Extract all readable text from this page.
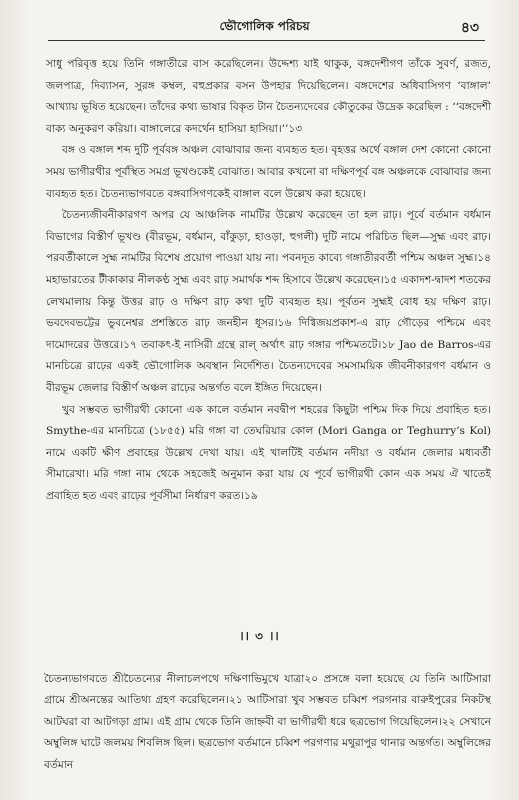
ভৌগোলিক পরিচয়	৪৩

সাধু পরিবৃত্ত হয়ে তিনি গঙ্গাতীরে বাস করেছিলেন। উদ্দেশ্য যাই থাকুক, বঙ্গদেশীগণ তাঁকে সুবর্ণ, রজত, জলপাত্র, দিব্যাসন, সুরঙ্গ কম্বল, বহুপ্রকার বসন উপহার দিয়েছিলেন। বঙ্গদেশের অধিবাসিগণ ‘বাঙ্গাল’ আখ্যায় ভূষিত হয়েছেন। তাঁদের কথ্য ভাষার বিকৃত টান চৈতন্যদেবের কৌতুকের উদ্রেক করেছিল : ‘‘বঙ্গদেশী বাক্য অনুকরণ করিয়া। বাঙ্গালেরে কদর্থেন হাসিয়া হাসিয়া।’’১৩

বঙ্গ ও বঙ্গাল শব্দ দুটি পূর্ববঙ্গ অঞ্চল বোঝাবার জন্য ব্যবহৃত হত। বৃহত্তর অর্থে বঙ্গাল দেশ কোনো কোনো সময় ভাগীরথীর পূর্বস্থিত সমগ্র ভূখণ্ডকেই বোঝাত। আবার কখনো বা দক্ষিণপূর্ব বঙ্গ অঞ্চলকে বোঝাবার জন্য ব্যবহৃত হত। চৈতন্যভাগবতে বঙ্গবাসিগণকেই বাঙ্গাল বলে উল্লেখ করা হয়েছে।

চৈতন্যজীবনীকারগণ অপর যে আঞ্চলিক নামটির উল্লেখ করেছেন তা হল রাঢ়। পূর্বে বর্তমান বর্ধমান বিভাগের বিস্তীর্ণ ভূখণ্ড (বীরভূম, বর্ধমান, বাঁকুড়া, হাওড়া, হুগলী) দুটি নামে পরিচিত ছিল—সুহ্ম এবং রাঢ়। পরবর্তীকালে সুহ্ম নামটির বিশেষ প্রয়োগ পাওয়া যায় না। পবনদূত কাব্যে গঙ্গাতীরবর্তী পশ্চিম অঞ্চল সুহ্ম।১৪ মহাভারতের টীকাকার নীলকণ্ঠ সুহ্ম এবং রাঢ় সমার্থক শব্দ হিসাবে উল্লেখ করেছেন।১৫ একাদশ-দ্বাদশ শতকের লেখমালায় কিন্তু উত্তর রাঢ় ও দক্ষিণ রাঢ় কথা দুটি ব্যবহৃত হয়। পূর্বতন সুহ্মই বোধ হয় দক্ষিণ রাঢ়। ভবদেবভট্টের ভুবনেশ্বর প্রশস্তিতে রাঢ় জনহীন ধূসর।১৬ দিগ্বিজয়প্রকাশ-এ রাঢ় গৌড়ের পশ্চিমে এবং দামোদরের উত্তরে।১৭ তবাকৎ-ই নাসিরী গ্রন্থে রাল্ অর্থাৎ রাঢ় গঙ্গার পশ্চিমতটে।১৮ Jao de Barros-এর মানচিত্রে রাঢ়ের একই ভৌগোলিক অবস্থান নির্দেশিত। চৈতন্যদেবের সমসাময়িক জীবনীকারগণ বর্ধমান ও বীরভূম জেলার বিস্তীর্ণ অঞ্চল রাঢ়ের অন্তর্গত বলে ইঙ্গিত দিয়েছেন।

খুব সম্ভবত ভাগীরথী কোনো এক কালে বর্তমান নবদ্বীপ শহরের কিছুটা পশ্চিম দিক দিয়ে প্রবাহিত হত। Smythe-এর মানচিত্রে (১৮৫৫) মরি গঙ্গা বা তেঘরিয়ার কোল (Mori Ganga or Teghurry’s Kol) নামে একটি ক্ষীণ প্রবাহের উল্লেখ দেখা যায়। এই খালটিই বর্তমান নদীয়া ও বর্ধমান জেলার মধ্যবর্তী সীমারেখা। মরি গঙ্গা নাম থেকে সহজেই অনুমান করা যায় যে পূর্বে ভাগীরথী কোন এক সময় ঐ খাতেই প্রবাহিত হত এবং রাঢ়ের পূর্বসীমা নির্ধারণ করত।১৯

।। ৩ ।।

চৈতন্যভাগবতে শ্রীচৈতন্যের নীলাচলপথে দক্ষিণাভিমুখে যাত্রা২০ প্রসঙ্গে বলা হয়েছে যে তিনি আটিসারা গ্রামে শ্রীঅনন্তের আতিথ্য গ্রহণ করেছিলেন।২১ আটিসারা খুব সম্ভবত চব্বিশ পরগনার বারুইপুরের নিকটস্থ আটঘরা বা আটগড়া গ্রাম। এই গ্রাম থেকে তিনি জাহ্নবী বা ভাগীরথী ধরে ছত্রভোগ গিয়েছিলেন।২২ সেখানে অম্বুলিঙ্গ ঘাটে জলময় শিবলিঙ্গ ছিল। ছত্রভোগ বর্তমানে চব্বিশ পরগণার মথুরাপুর থানার অন্তর্গত। অম্বুলিঙ্গের বর্তমান
